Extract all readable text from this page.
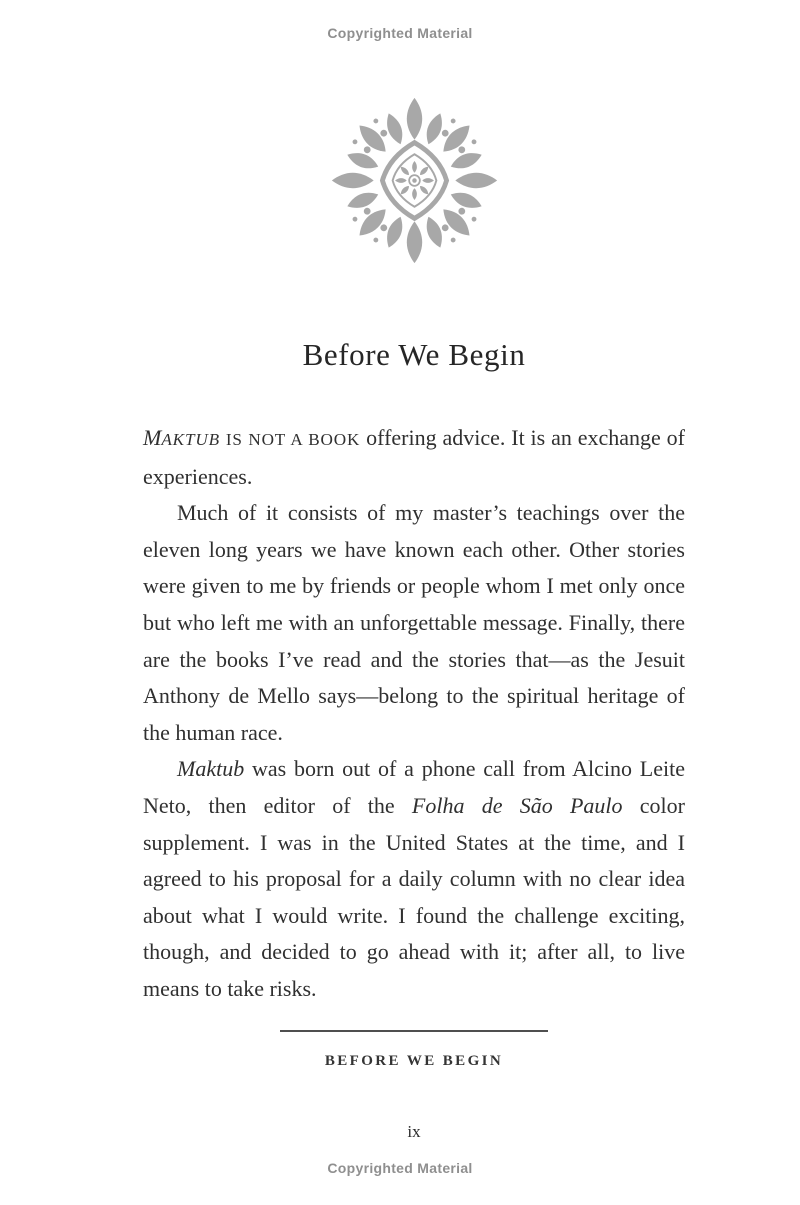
Copyrighted Material
Before We Begin

MAKTUB IS NOT A BOOK offering advice. It is an exchange of experiences.

Much of it consists of my master’s teachings over the eleven long years we have known each other. Other stories were given to me by friends or people whom I met only once but who left me with an unforgettable message. Finally, there are the books I’ve read and the stories that—as the Jesuit Anthony de Mello says—belong to the spiritual heritage of the human race.

Maktub was born out of a phone call from Alcino Leite Neto, then editor of the Folha de São Paulo color supplement. I was in the United States at the time, and I agreed to his proposal for a daily column with no clear idea about what I would write. I found the challenge exciting, though, and decided to go ahead with it; after all, to live means to take risks.

BEFORE WE BEGIN
ix
Copyrighted Material
